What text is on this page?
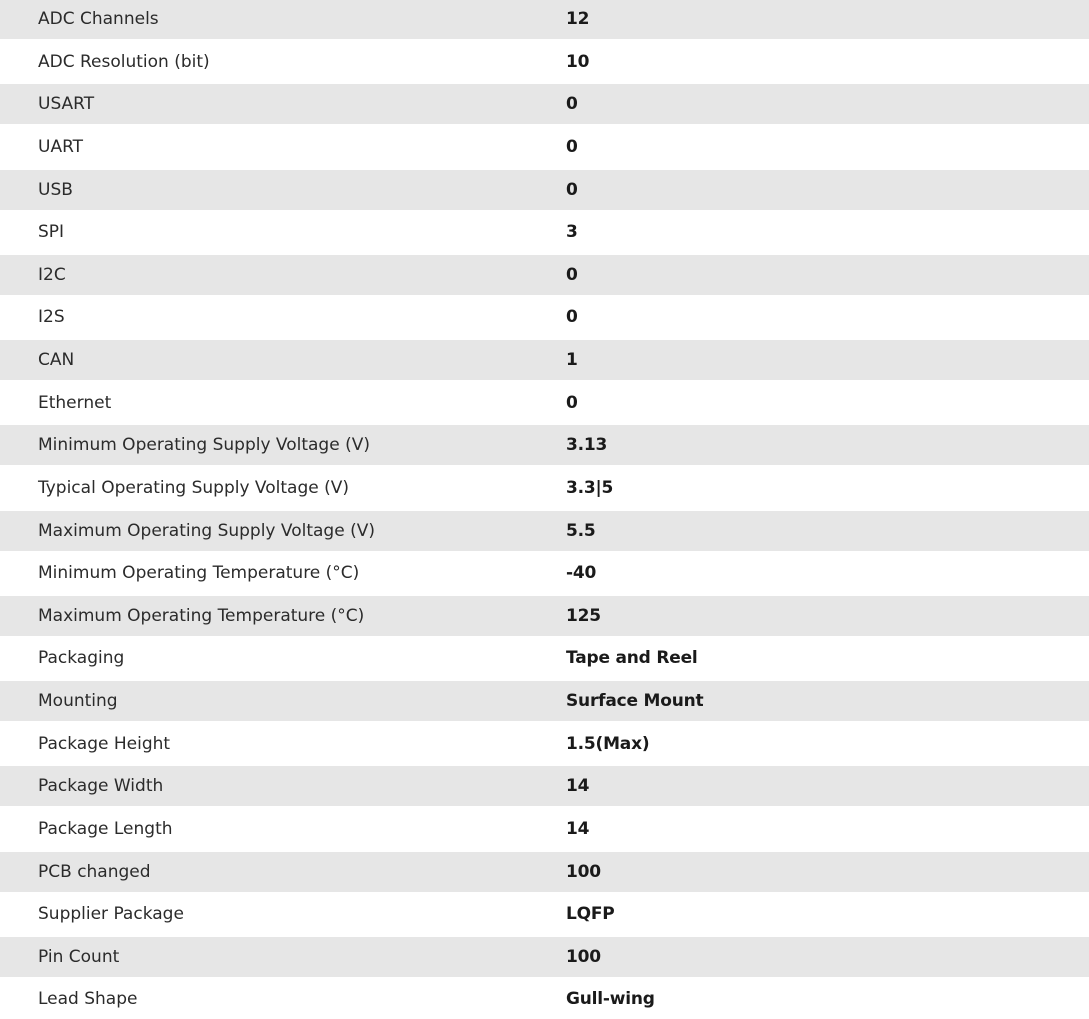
ADC Channels	12
ADC Resolution (bit)	10
USART	0
UART	0
USB	0
SPI	3
I2C	0
I2S	0
CAN	1
Ethernet	0
Minimum Operating Supply Voltage (V)	3.13
Typical Operating Supply Voltage (V)	3.3|5
Maximum Operating Supply Voltage (V)	5.5
Minimum Operating Temperature (°C)	-40
Maximum Operating Temperature (°C)	125
Packaging	Tape and Reel
Mounting	Surface Mount
Package Height	1.5(Max)
Package Width	14
Package Length	14
PCB changed	100
Supplier Package	LQFP
Pin Count	100
Lead Shape	Gull-wing
